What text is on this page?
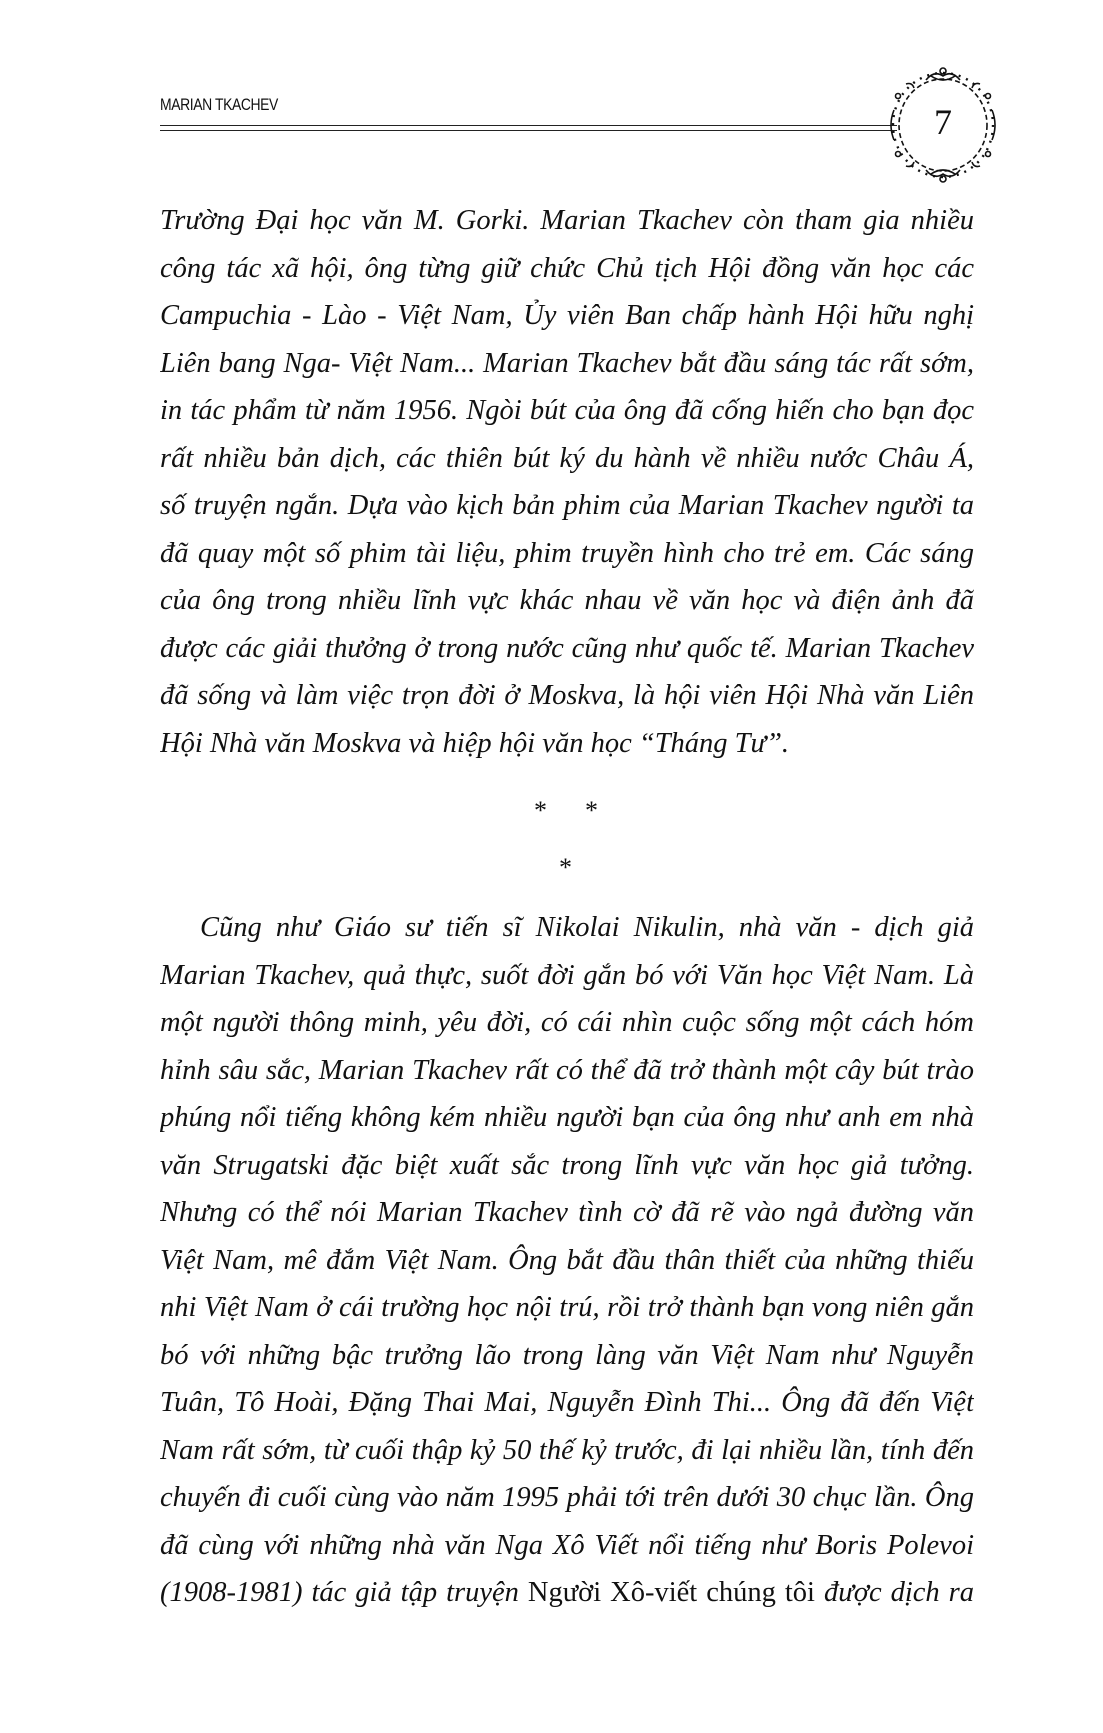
MARIAN TKACHEV	7
Trường Đại học văn M. Gorki. Marian Tkachev còn tham gia nhiều
công tác xã hội, ông từng giữ chức Chủ tịch Hội đồng văn học các
Campuchia - Lào - Việt Nam, Ủy viên Ban chấp hành Hội hữu nghị
Liên bang Nga- Việt Nam... Marian Tkachev bắt đầu sáng tác rất sớm,
in tác phẩm từ năm 1956. Ngòi bút của ông đã cống hiến cho bạn đọc
rất nhiều bản dịch, các thiên bút ký du hành về nhiều nước Châu Á,
số truyện ngắn. Dựa vào kịch bản phim của Marian Tkachev người ta
đã quay một số phim tài liệu, phim truyền hình cho trẻ em. Các sáng
của ông trong nhiều lĩnh vực khác nhau về văn học và điện ảnh đã
được các giải thưởng ở trong nước cũng như quốc tế. Marian Tkachev
đã sống và làm việc trọn đời ở Moskva, là hội viên Hội Nhà văn Liên
Hội Nhà văn Moskva và hiệp hội văn học “Tháng Tư”.
* *
*
Cũng như Giáo sư tiến sĩ Nikolai Nikulin, nhà văn - dịch giả
Marian Tkachev, quả thực, suốt đời gắn bó với Văn học Việt Nam. Là
một người thông minh, yêu đời, có cái nhìn cuộc sống một cách hóm
hỉnh sâu sắc, Marian Tkachev rất có thể đã trở thành một cây bút trào
phúng nổi tiếng không kém nhiều người bạn của ông như anh em nhà
văn Strugatski đặc biệt xuất sắc trong lĩnh vực văn học giả tưởng.
Nhưng có thể nói Marian Tkachev tình cờ đã rẽ vào ngả đường văn
Việt Nam, mê đắm Việt Nam. Ông bắt đầu thân thiết của những thiếu
nhi Việt Nam ở cái trường học nội trú, rồi trở thành bạn vong niên gắn
bó với những bậc trưởng lão trong làng văn Việt Nam như Nguyễn
Tuân, Tô Hoài, Đặng Thai Mai, Nguyễn Đình Thi... Ông đã đến Việt
Nam rất sớm, từ cuối thập kỷ 50 thế kỷ trước, đi lại nhiều lần, tính đến
chuyến đi cuối cùng vào năm 1995 phải tới trên dưới 30 chục lần. Ông
đã cùng với những nhà văn Nga Xô Viết nổi tiếng như Boris Polevoi
(1908-1981) tác giả tập truyện Người Xô-viết chúng tôi được dịch ra
